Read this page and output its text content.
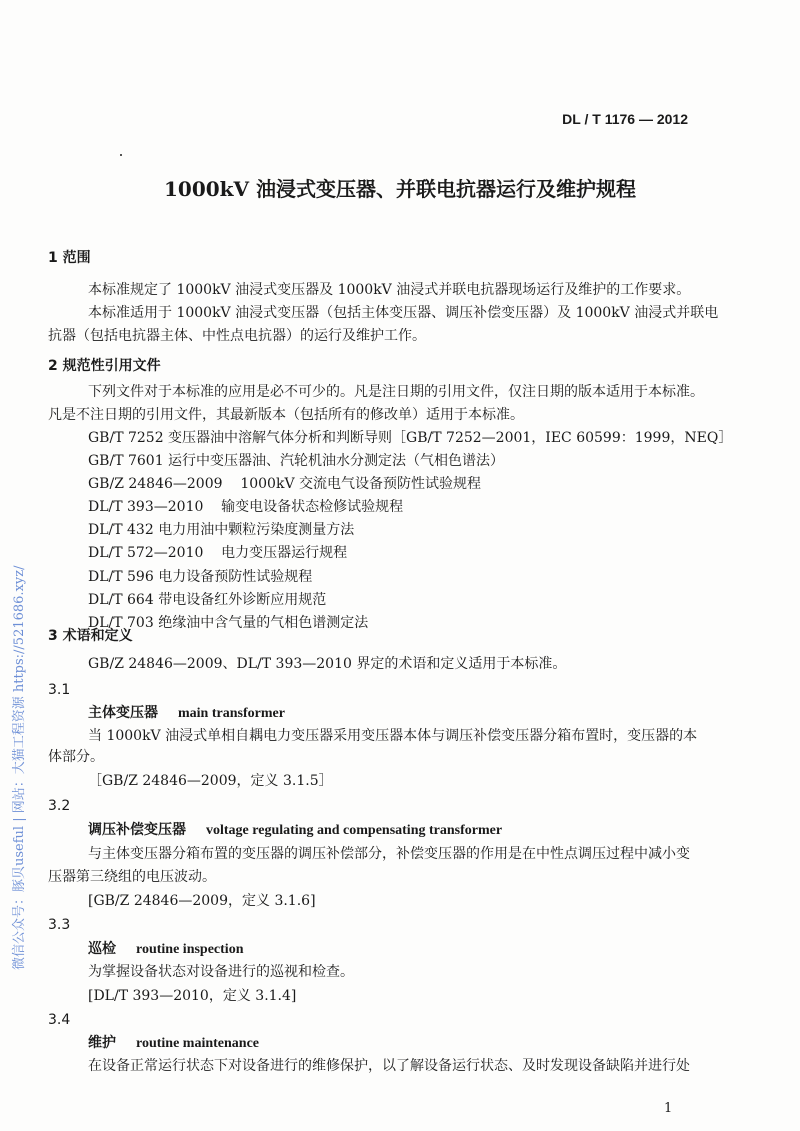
DL / T 1176 — 2012
1000kV 油浸式变压器、并联电抗器运行及维护规程
1 范围
本标准规定了 1000kV 油浸式变压器及 1000kV 油浸式并联电抗器现场运行及维护的工作要求。
本标准适用于 1000kV 油浸式变压器（包括主体变压器、调压补偿变压器）及 1000kV 油浸式并联电
抗器（包括电抗器主体、中性点电抗器）的运行及维护工作。
2 规范性引用文件
下列文件对于本标准的应用是必不可少的。凡是注日期的引用文件，仅注日期的版本适用于本标准。
凡是不注日期的引用文件，其最新版本（包括所有的修改单）适用于本标准。
GB/T 7252 变压器油中溶解气体分析和判断导则［GB/T 7252—2001，IEC 60599：1999，NEQ］
GB/T 7601 运行中变压器油、汽轮机油水分测定法（气相色谱法）
GB/Z 24846—2009    1000kV 交流电气设备预防性试验规程
DL/T 393—2010    输变电设备状态检修试验规程
DL/T 432 电力用油中颗粒污染度测量方法
DL/T 572—2010    电力变压器运行规程
DL/T 596 电力设备预防性试验规程
DL/T 664 带电设备红外诊断应用规范
DL/T 703 绝缘油中含气量的气相色谱测定法
3 术语和定义
GB/Z 24846—2009、DL/T 393—2010 界定的术语和定义适用于本标准。
3.1
主体变压器 main transformer
当 1000kV 油浸式单相自耦电力变压器采用变压器本体与调压补偿变压器分箱布置时，变压器的本
体部分。
［GB/Z 24846—2009，定义 3.1.5］
3.2
调压补偿变压器 voltage regulating and compensating transformer
与主体变压器分箱布置的变压器的调压补偿部分，补偿变压器的作用是在中性点调压过程中减小变
压器第三绕组的电压波动。
[GB/Z 24846—2009，定义 3.1.6]
3.3
巡检 routine inspection
为掌握设备状态对设备进行的巡视和检查。
[DL/T 393—2010，定义 3.1.4]
3.4
维护 routine maintenance
在设备正常运行状态下对设备进行的维修保护，以了解设备运行状态、及时发现设备缺陷并进行处
1
微信公众号：豚贝useful | 网站：大猫工程资源 https://521686.xyz/
